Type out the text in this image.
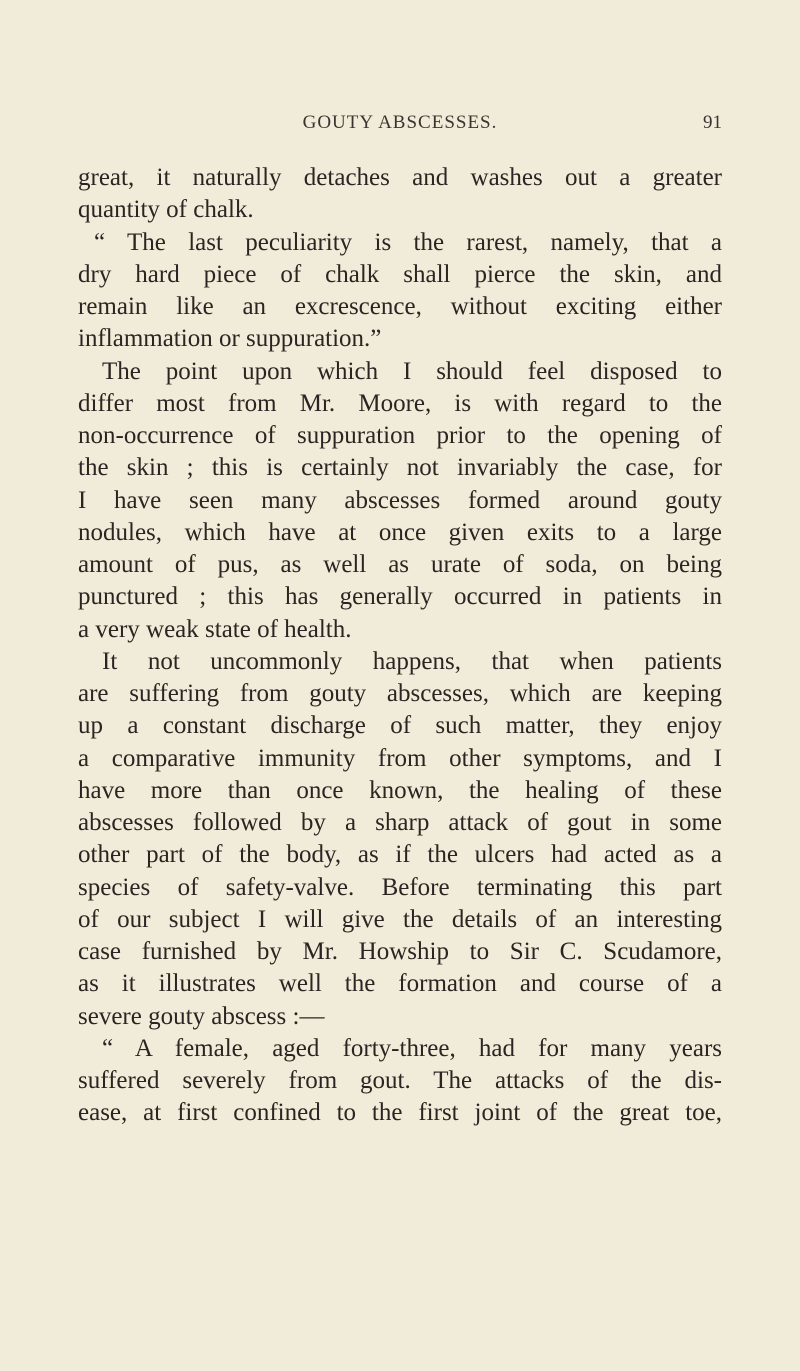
GOUTY ABSCESSES.	91
great, it naturally detaches and washes out a greater
quantity of chalk.
“ The last peculiarity is the rarest, namely, that a
dry hard piece of chalk shall pierce the skin, and
remain like an excrescence, without exciting either
inflammation or suppuration.”
The point upon which I should feel disposed to
differ most from Mr. Moore, is with regard to the
non-occurrence of suppuration prior to the opening of
the skin ; this is certainly not invariably the case, for
I have seen many abscesses formed around gouty
nodules, which have at once given exits to a large
amount of pus, as well as urate of soda, on being
punctured ; this has generally occurred in patients in
a very weak state of health.
It not uncommonly happens, that when patients
are suffering from gouty abscesses, which are keeping
up a constant discharge of such matter, they enjoy
a comparative immunity from other symptoms, and I
have more than once known, the healing of these
abscesses followed by a sharp attack of gout in some
other part of the body, as if the ulcers had acted as a
species of safety-valve. Before terminating this part
of our subject I will give the details of an interesting
case furnished by Mr. Howship to Sir C. Scudamore,
as it illustrates well the formation and course of a
severe gouty abscess :—
“ A female, aged forty-three, had for many years
suffered severely from gout. The attacks of the dis-
ease, at first confined to the first joint of the great toe,
